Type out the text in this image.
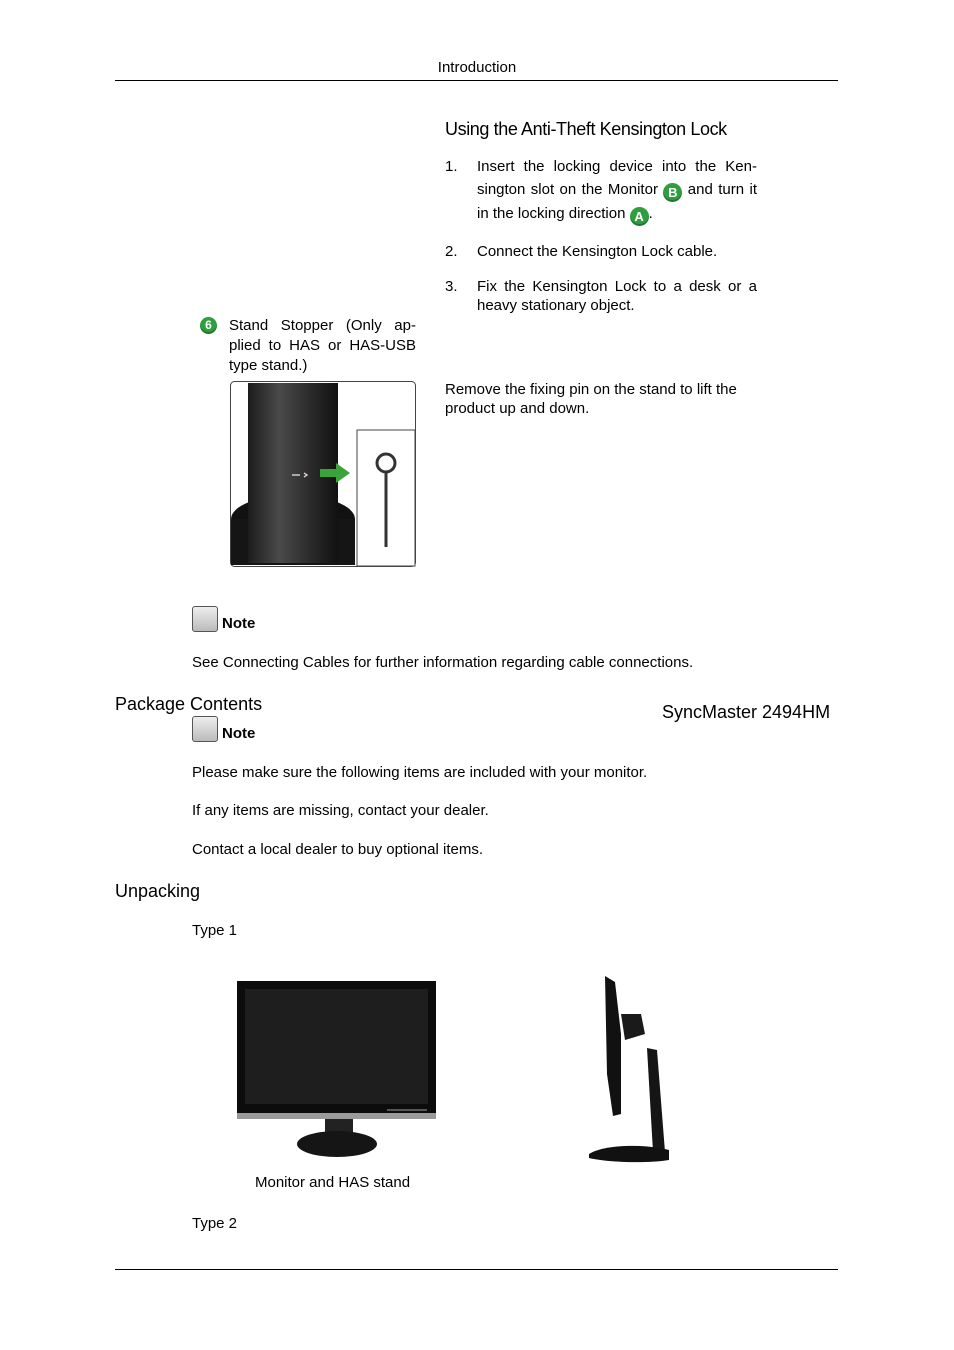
Introduction
Using the Anti-Theft Kensington Lock
1. Insert the locking device into the Ken-sington slot on the Monitor B and turn it in the locking direction A .
2. Connect the Kensington Lock cable.
3. Fix the Kensington Lock to a desk or a heavy stationary object.
6	Stand Stopper (Only ap-plied to HAS or HAS-USB type stand.)
Remove the fixing pin on the stand to lift the product up and down.
Note
See Connecting Cables for further information regarding cable connections.
Package Contents	SyncMaster 2494HM
Note
Please make sure the following items are included with your monitor.
If any items are missing, contact your dealer.
Contact a local dealer to buy optional items.
Unpacking
Type 1
Monitor and HAS stand
Type 2
